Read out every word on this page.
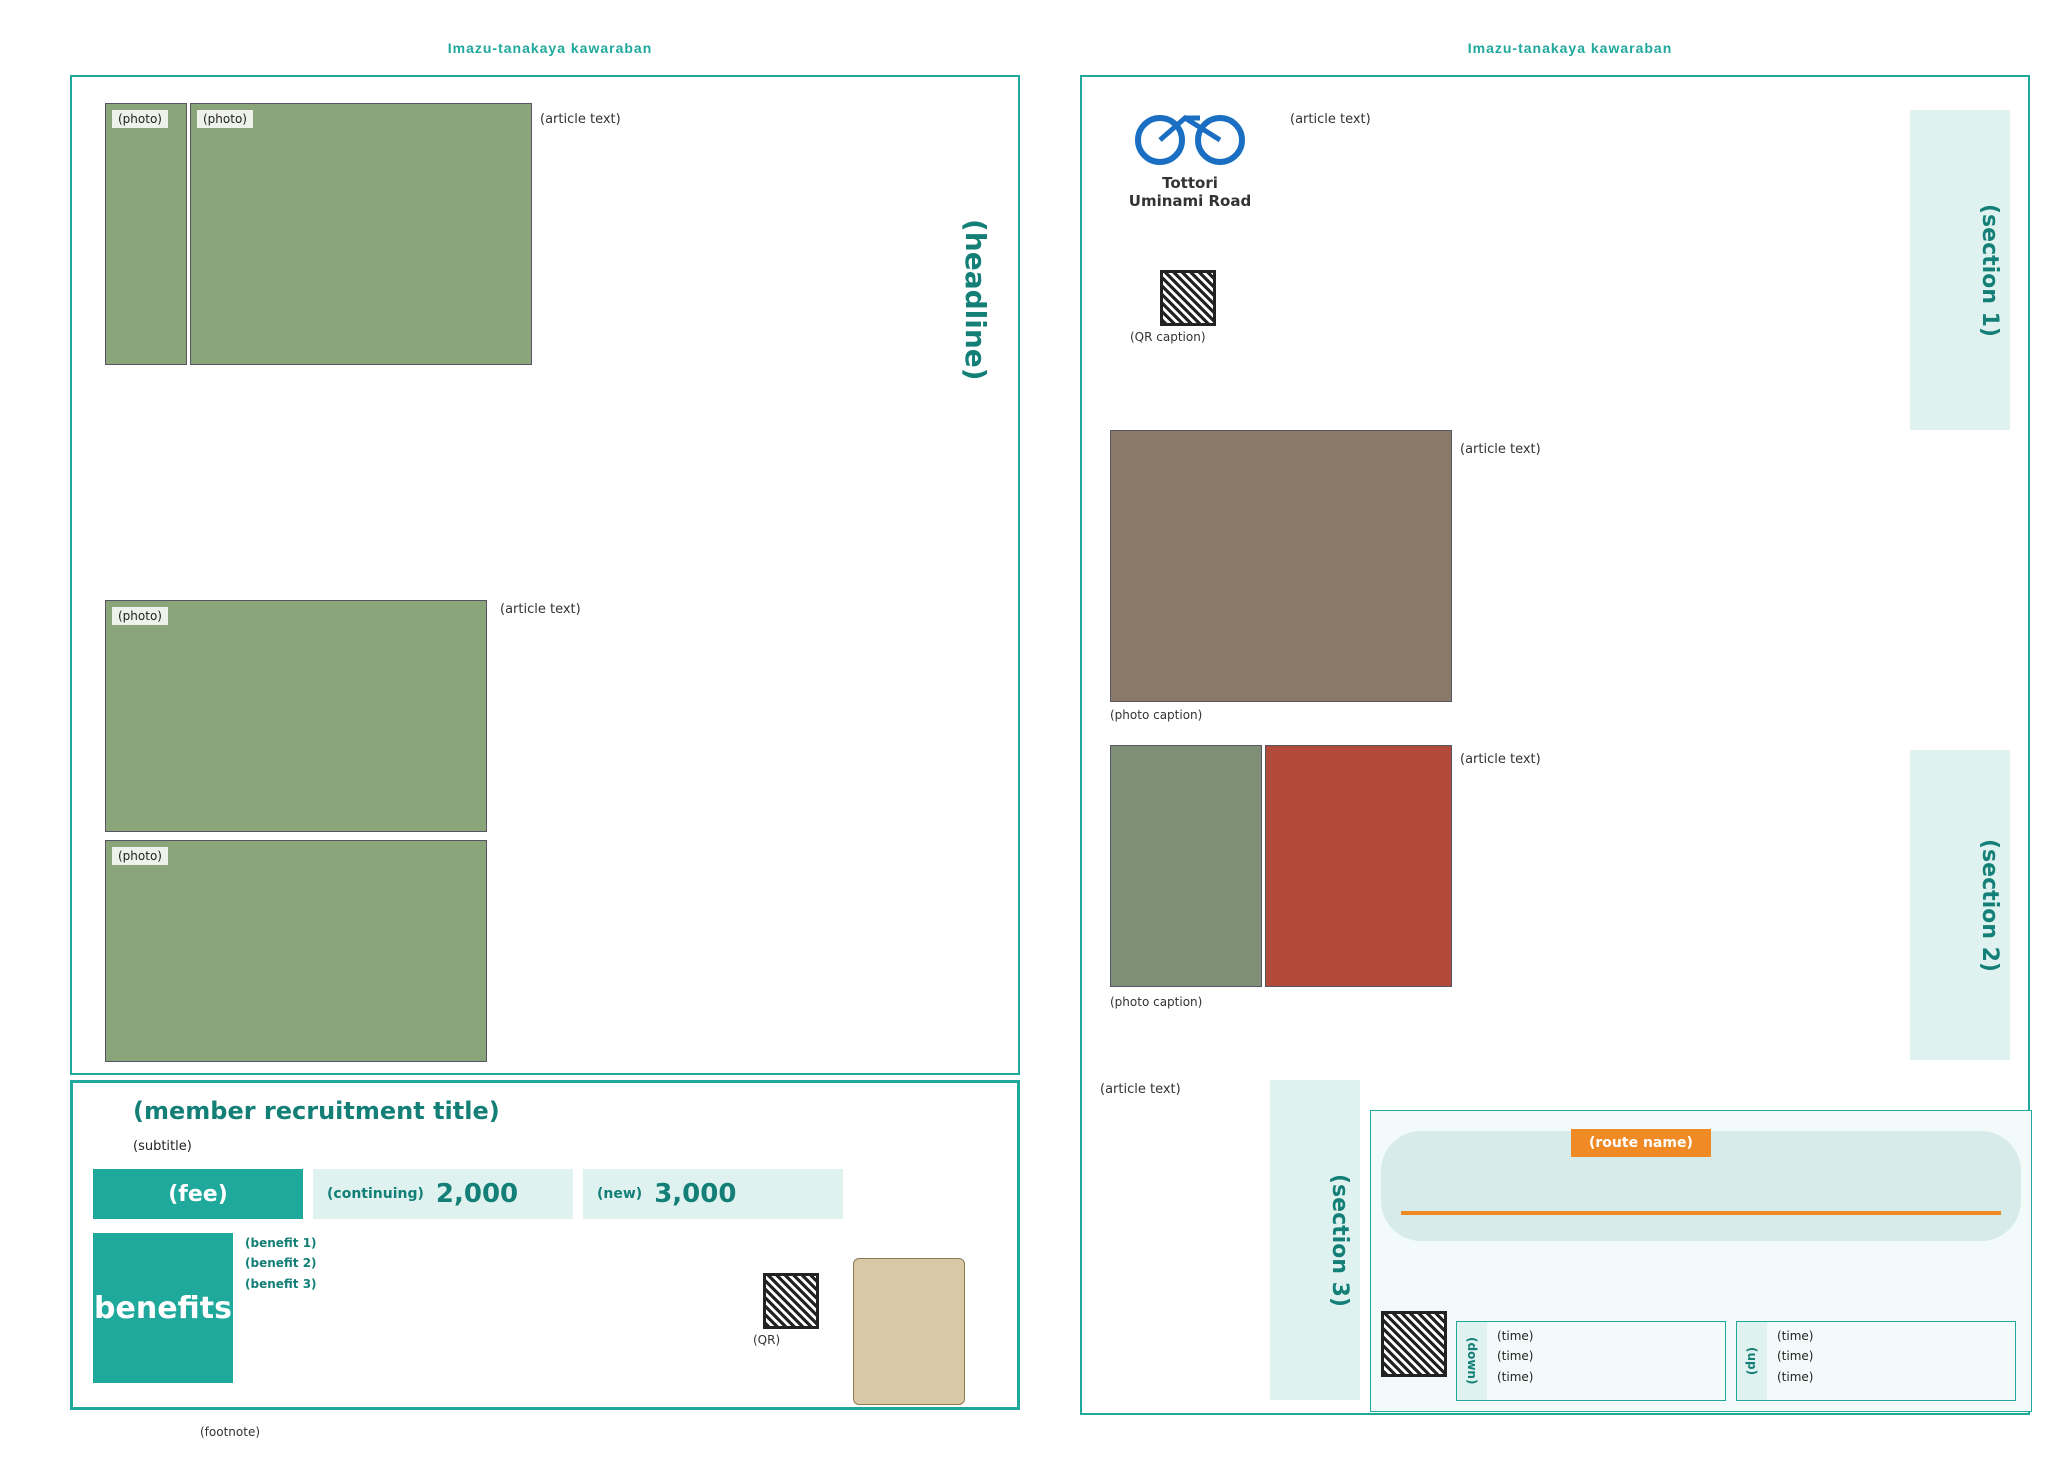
Imazu-tanakaya kawaraban
(photo)	(photo)
(photo)
(photo)
(headline)
(article text)
(article text)
(member recruitment title)
(subtitle)
(fee)	(continuing) 2,000	(new) 3,000
(benefits)
(benefit 1)
(benefit 2)
(benefit 3)
(QR)
(footnote)
Imazu-tanakaya kawaraban
Tottori
Uminami Road
(QR caption)
(article text)
(section 1)
(photo caption)
(article text)
(photo caption)
(article text)
(section 2)
(section 3)
(article text)
(route name)
(down)
(time)
(time)
(time)
(up)
(time)
(time)
(time)
